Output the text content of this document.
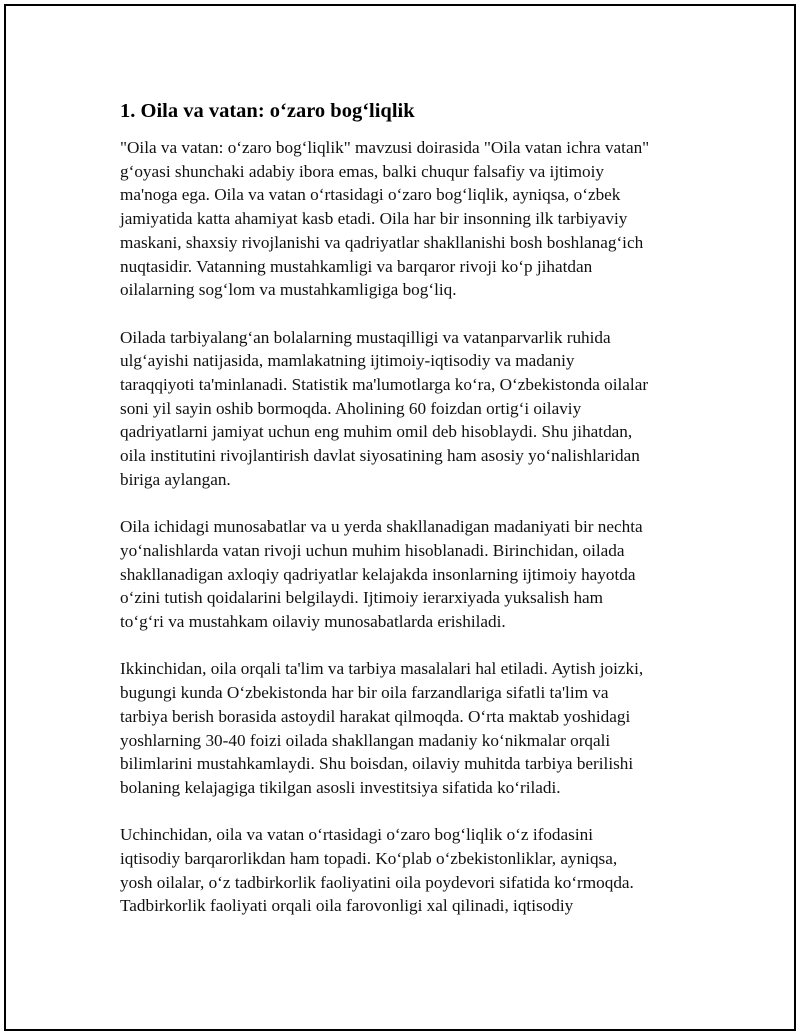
1. Oila va vatan: o‘zaro bog‘liqlik

"Oila va vatan: o‘zaro bog‘liqlik" mavzusi doirasida "Oila vatan ichra vatan"
g‘oyasi shunchaki adabiy ibora emas, balki chuqur falsafiy va ijtimoiy
ma'noga ega. Oila va vatan o‘rtasidagi o‘zaro bog‘liqlik, ayniqsa, o‘zbek
jamiyatida katta ahamiyat kasb etadi. Oila har bir insonning ilk tarbiyaviy
maskani, shaxsiy rivojlanishi va qadriyatlar shakllanishi bosh boshlanag‘ich
nuqtasidir. Vatanning mustahkamligi va barqaror rivoji ko‘p jihatdan
oilalarning sog‘lom va mustahkamligiga bog‘liq.

Oilada tarbiyalang‘an bolalarning mustaqilligi va vatanparvarlik ruhida
ulg‘ayishi natijasida, mamlakatning ijtimoiy-iqtisodiy va madaniy
taraqqiyoti ta'minlanadi. Statistik ma'lumotlarga ko‘ra, O‘zbekistonda oilalar
soni yil sayin oshib bormoqda. Aholining 60 foizdan ortig‘i oilaviy
qadriyatlarni jamiyat uchun eng muhim omil deb hisoblaydi. Shu jihatdan,
oila institutini rivojlantirish davlat siyosatining ham asosiy yo‘nalishlaridan
biriga aylangan.

Oila ichidagi munosabatlar va u yerda shakllanadigan madaniyati bir nechta
yo‘nalishlarda vatan rivoji uchun muhim hisoblanadi. Birinchidan, oilada
shakllanadigan axloqiy qadriyatlar kelajakda insonlarning ijtimoiy hayotda
o‘zini tutish qoidalarini belgilaydi. Ijtimoiy ierarxiyada yuksalish ham
to‘g‘ri va mustahkam oilaviy munosabatlarda erishiladi.

Ikkinchidan, oila orqali ta'lim va tarbiya masalalari hal etiladi. Aytish joizki,
bugungi kunda O‘zbekistonda har bir oila farzandlariga sifatli ta'lim va
tarbiya berish borasida astoydil harakat qilmoqda. O‘rta maktab yoshidagi
yoshlarning 30-40 foizi oilada shakllangan madaniy ko‘nikmalar orqali
bilimlarini mustahkamlaydi. Shu boisdan, oilaviy muhitda tarbiya berilishi
bolaning kelajagiga tikilgan asosli investitsiya sifatida ko‘riladi.

Uchinchidan, oila va vatan o‘rtasidagi o‘zaro bog‘liqlik o‘z ifodasini
iqtisodiy barqarorlikdan ham topadi. Ko‘plab o‘zbekistonliklar, ayniqsa,
yosh oilalar, o‘z tadbirkorlik faoliyatini oila poydevori sifatida ko‘rmoqda.
Tadbirkorlik faoliyati orqali oila farovonligi xal qilinadi, iqtisodiy
